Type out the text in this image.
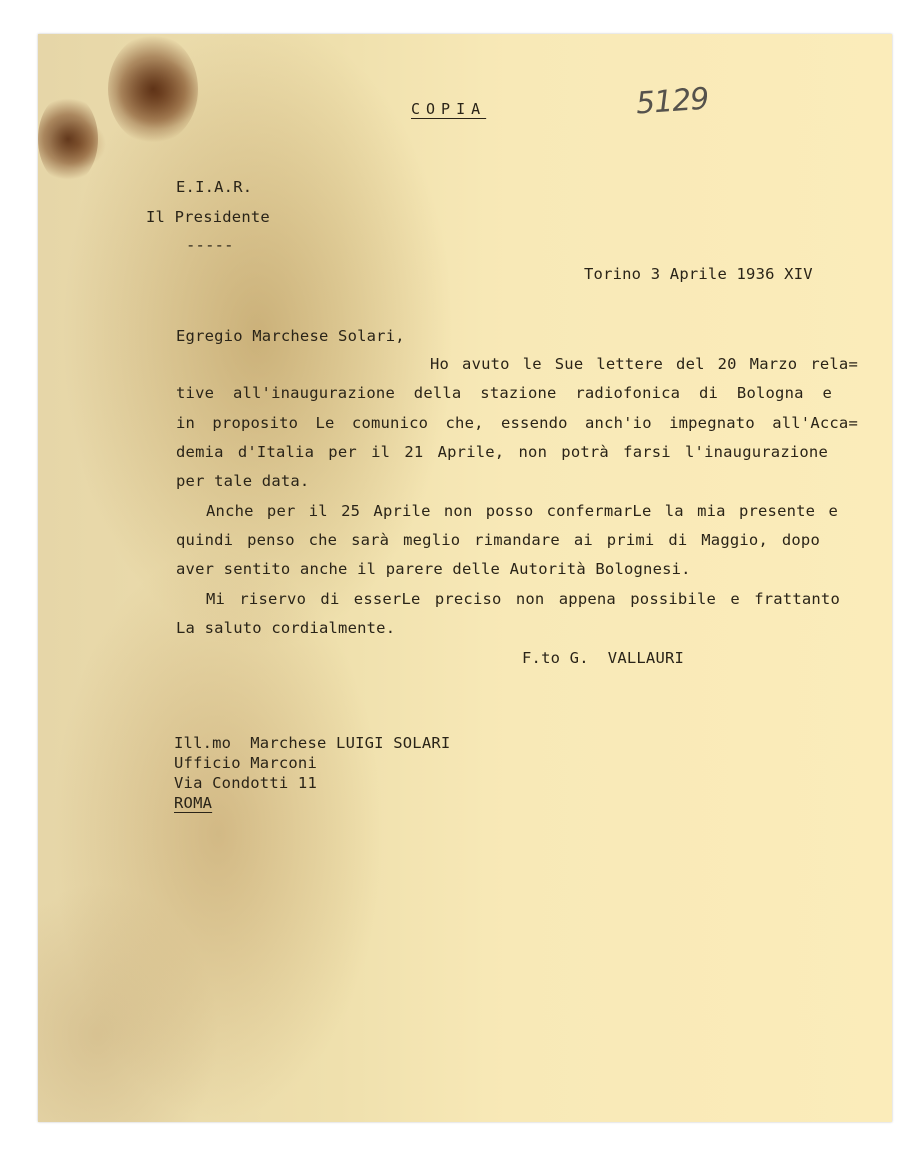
COPIA	5129
E.I.A.R.
Il Presidente
-----
Torino 3 Aprile 1936 XIV
Egregio Marchese Solari,
Ho avuto le Sue lettere del 20 Marzo rela=
tive all'inaugurazione della stazione radiofonica di Bologna e
in proposito Le comunico che, essendo anch'io impegnato all'Acca=
demia d'Italia per il 21 Aprile, non potrà farsi l'inaugurazione
per tale data.
Anche per il 25 Aprile non posso confermarLe la mia presente e
quindi penso che sarà meglio rimandare ai primi di Maggio, dopo
aver sentito anche il parere delle Autorità Bolognesi.
Mi riservo di esserLe preciso non appena possibile e frattanto
La saluto cordialmente.
F.to G.  VALLAURI
Ill.mo  Marchese LUIGI SOLARI
Ufficio Marconi
Via Condotti 11
ROMA
